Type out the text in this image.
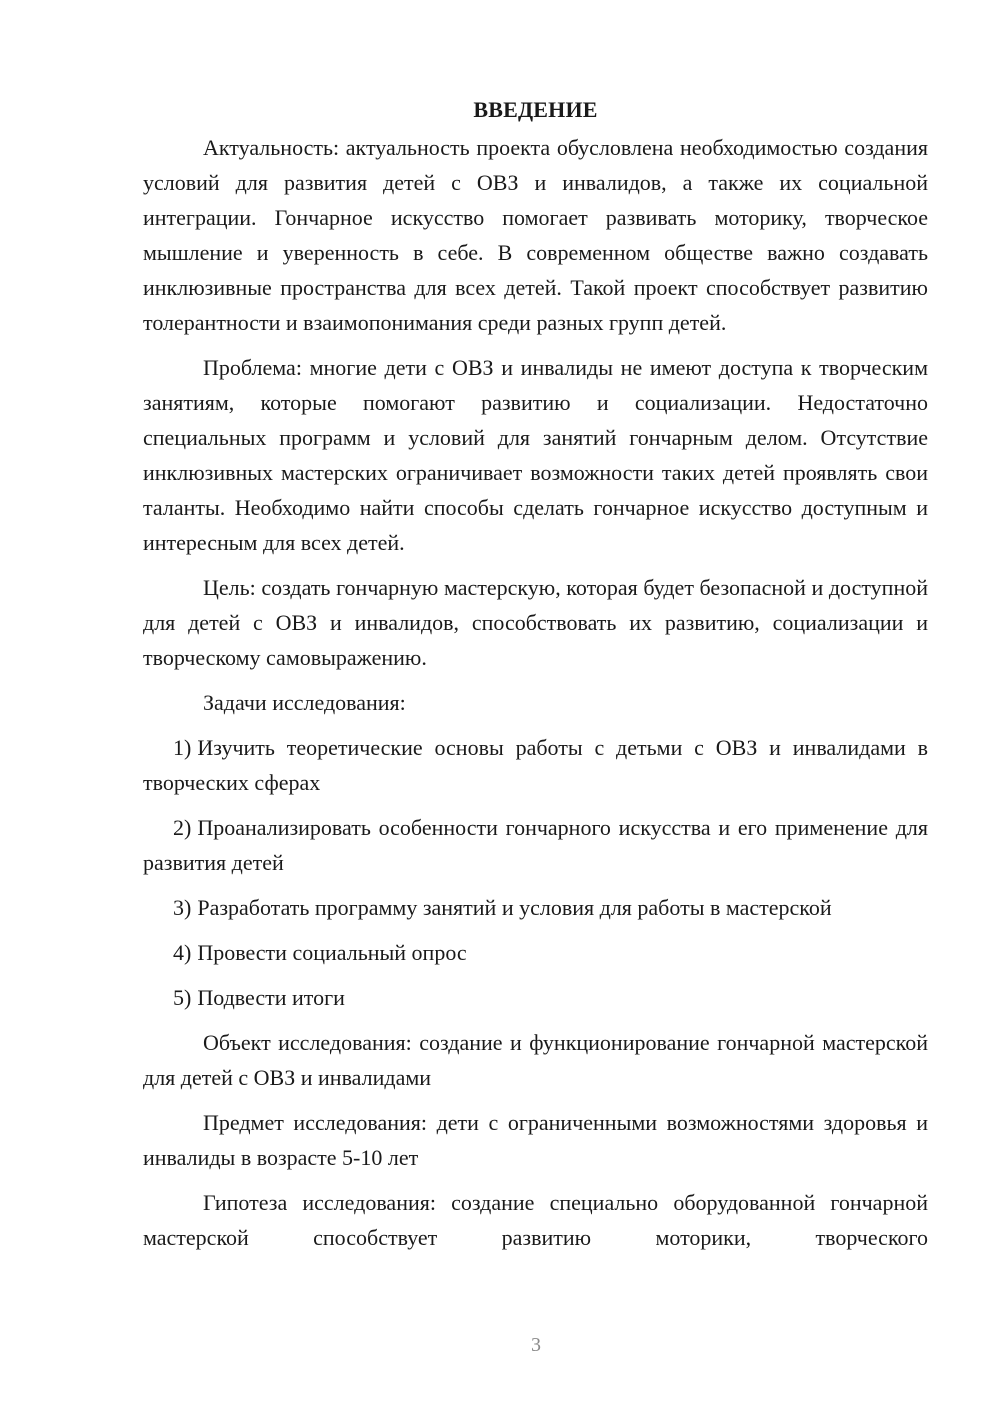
ВВЕДЕНИЕ

Актуальность: актуальность проекта обусловлена необходимостью создания условий для развития детей с ОВЗ и инвалидов, а также их социальной интеграции. Гончарное искусство помогает развивать моторику, творческое мышление и уверенность в себе. В современном обществе важно создавать инклюзивные пространства для всех детей. Такой проект способствует развитию толерантности и взаимопонимания среди разных групп детей.

Проблема: многие дети с ОВЗ и инвалиды не имеют доступа к творческим занятиям, которые помогают развитию и социализации. Недостаточно специальных программ и условий для занятий гончарным делом. Отсутствие инклюзивных мастерских ограничивает возможности таких детей проявлять свои таланты. Необходимо найти способы сделать гончарное искусство доступным и интересным для всех детей.

Цель: создать гончарную мастерскую, которая будет безопасной и доступной для детей с ОВЗ и инвалидов, способствовать их развитию, социализации и творческому самовыражению.

Задачи исследования:

1) Изучить теоретические основы работы с детьми с ОВЗ и инвалидами в творческих сферах

2) Проанализировать особенности гончарного искусства и его применение для развития детей

3) Разработать программу занятий и условия для работы в мастерской

4) Провести социальный опрос

5) Подвести итоги

Объект исследования: создание и функционирование гончарной мастерской для детей с ОВЗ и инвалидами

Предмет исследования: дети с ограниченными возможностями здоровья и инвалиды в возрасте 5-10 лет

Гипотеза исследования: создание специально оборудованной гончарной мастерской способствует развитию моторики, творческого

3
